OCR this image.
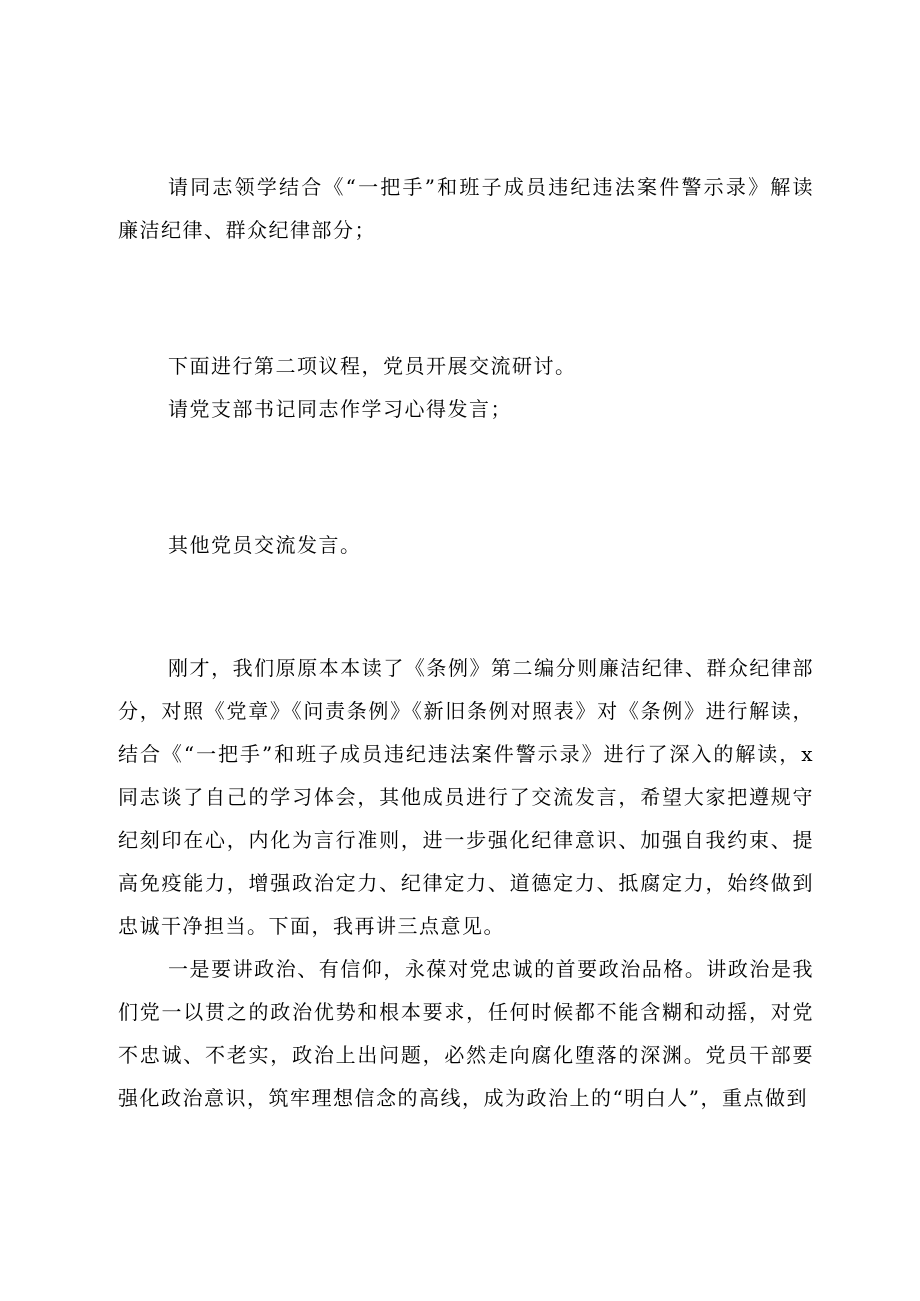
请同志领学结合《“一把手”和班子成员违纪违法案件警示录》解读廉洁纪律、群众纪律部分；

下面进行第二项议程，党员开展交流研讨。

请党支部书记同志作学习心得发言；

其他党员交流发言。

刚才，我们原原本本读了《条例》第二编分则廉洁纪律、群众纪律部分，对照《党章》《问责条例》《新旧条例对照表》对《条例》进行解读，结合《“一把手”和班子成员违纪违法案件警示录》进行了深入的解读，x同志谈了自己的学习体会，其他成员进行了交流发言，希望大家把遵规守纪刻印在心，内化为言行准则，进一步强化纪律意识、加强自我约束、提高免疫能力，增强政治定力、纪律定力、道德定力、抵腐定力，始终做到忠诚干净担当。下面，我再讲三点意见。

一是要讲政治、有信仰，永葆对党忠诚的首要政治品格。讲政治是我们党一以贯之的政治优势和根本要求，任何时候都不能含糊和动摇，对党不忠诚、不老实，政治上出问题，必然走向腐化堕落的深渊。党员干部要强化政治意识，筑牢理想信念的高线，成为政治上的“明白人”，重点做到
